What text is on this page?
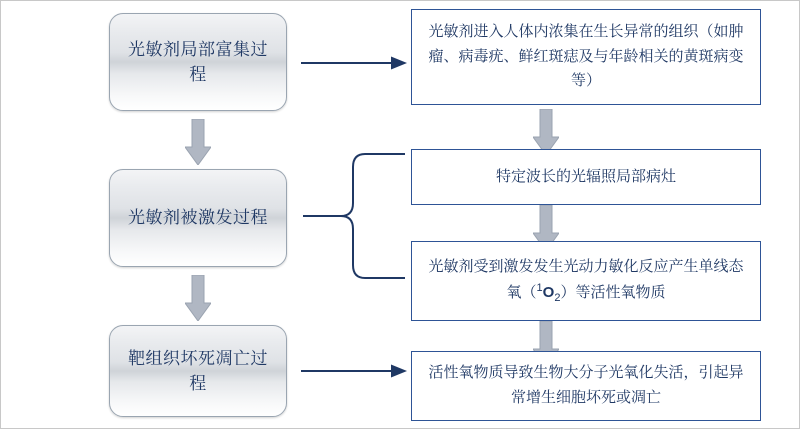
光敏剂局部富集过程
光敏剂被激发过程
靶组织坏死凋亡过程
光敏剂进入人体内浓集在生长异常的组织（如肿瘤、病毒疣、鲜红斑痣及与年龄相关的黄斑病变等）
特定波长的光辐照局部病灶
光敏剂受到激发发生光动力敏化反应产生单线态氧$(^1O_2)$等活性氧物质
活性氧物质导致生物大分子光氧化失活，引起异常增生细胞坏死或凋亡
